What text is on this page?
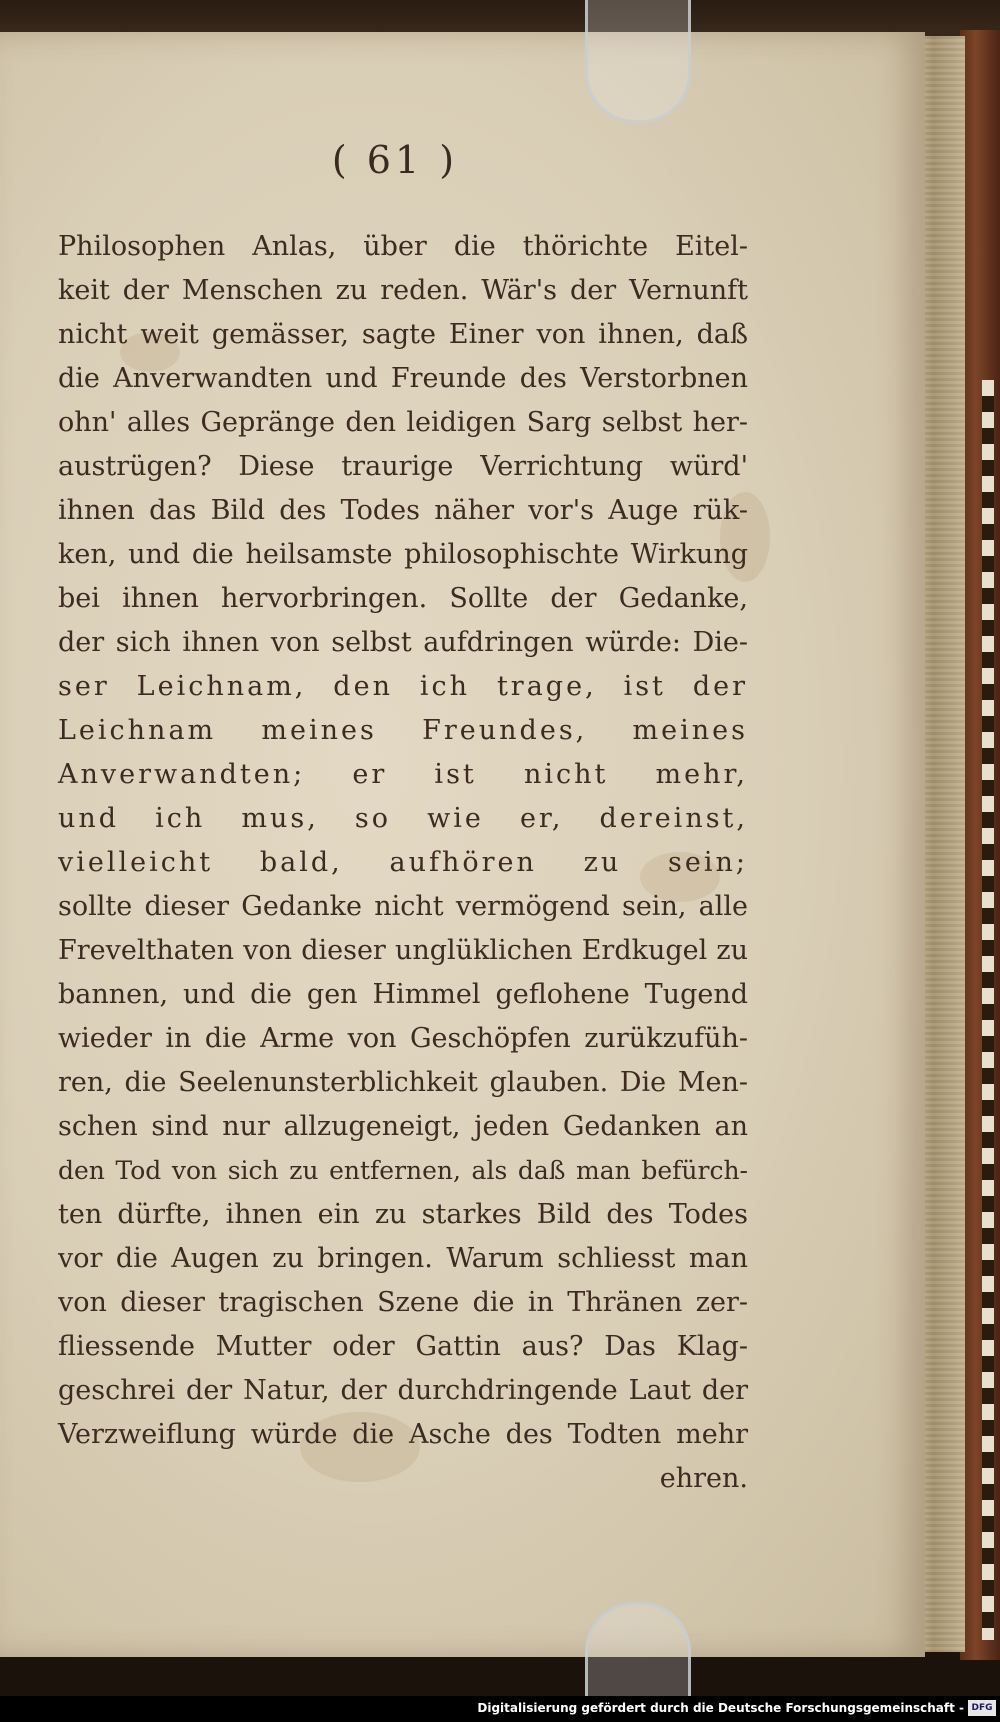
( 61 )
Philosophen Anlas, über die thörichte Eitel-
keit der Menschen zu reden. Wär's der Vernunft
nicht weit gemässer, sagte Einer von ihnen, daß
die Anverwandten und Freunde des Verstorbnen
ohn' alles Gepränge den leidigen Sarg selbst her-
austrügen? Diese traurige Verrichtung würd'
ihnen das Bild des Todes näher vor's Auge rük-
ken, und die heilsamste philosophischte Wirkung
bei ihnen hervorbringen. Sollte der Gedanke,
der sich ihnen von selbst aufdringen würde: Die-
ser Leichnam, den ich trage, ist der
Leichnam meines Freundes, meines
Anverwandten; er ist nicht mehr,
und ich mus, so wie er, dereinst,
vielleicht bald, aufhören zu sein;
sollte dieser Gedanke nicht vermögend sein, alle
Frevelthaten von dieser unglüklichen Erdkugel zu
bannen, und die gen Himmel geflohene Tugend
wieder in die Arme von Geschöpfen zurükzufüh-
ren, die Seelenunsterblichkeit glauben. Die Men-
schen sind nur allzugeneigt, jeden Gedanken an
den Tod von sich zu entfernen, als daß man befürch-
ten dürfte, ihnen ein zu starkes Bild des Todes
vor die Augen zu bringen. Warum schliesst man
von dieser tragischen Szene die in Thränen zer-
fliessende Mutter oder Gattin aus? Das Klag-
geschrei der Natur, der durchdringende Laut der
Verzweiflung würde die Asche des Todten mehr
ehren.
Digitalisierung gefördert durch die Deutsche Forschungsgemeinschaft - DFG
